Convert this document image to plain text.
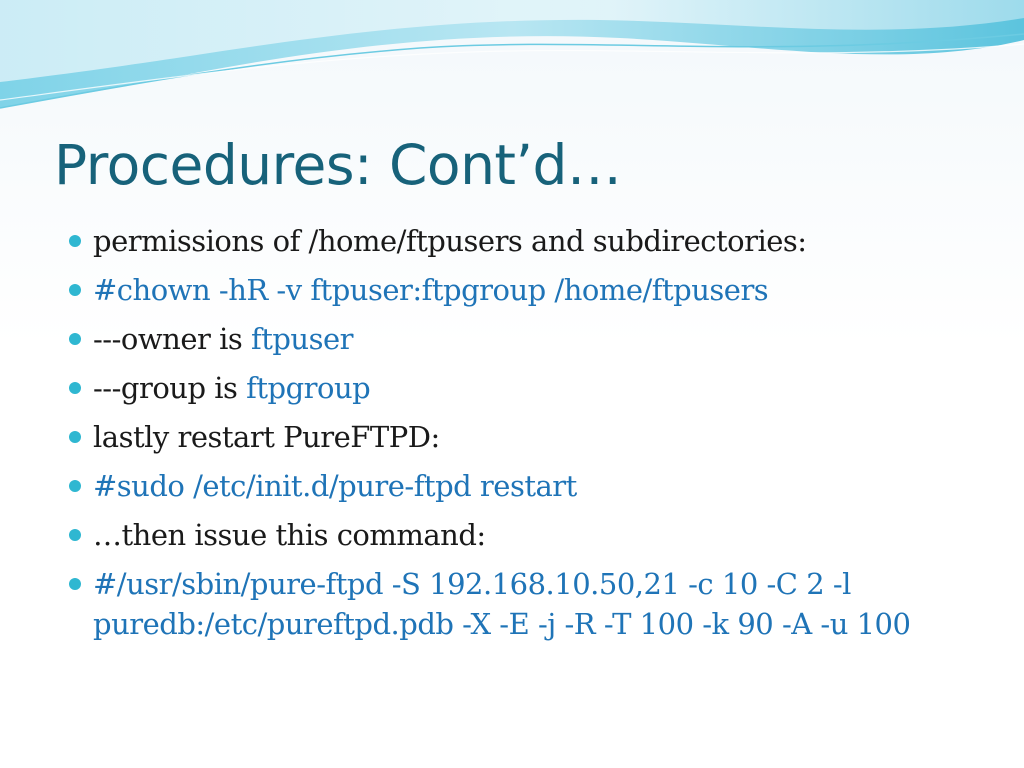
Procedures: Cont’d…
permissions of /home/ftpusers and subdirectories:
#chown -hR -v ftpuser:ftpgroup /home/ftpusers
---owner is ftpuser
---group is ftpgroup
lastly restart PureFTPD:
#sudo /etc/init.d/pure-ftpd restart
…then issue this command:
#/usr/sbin/pure-ftpd -S 192.168.10.50,21 -c 10 -C 2 -l puredb:/etc/pureftpd.pdb -X -E -j -R -T 100 -k 90 -A -u 100
